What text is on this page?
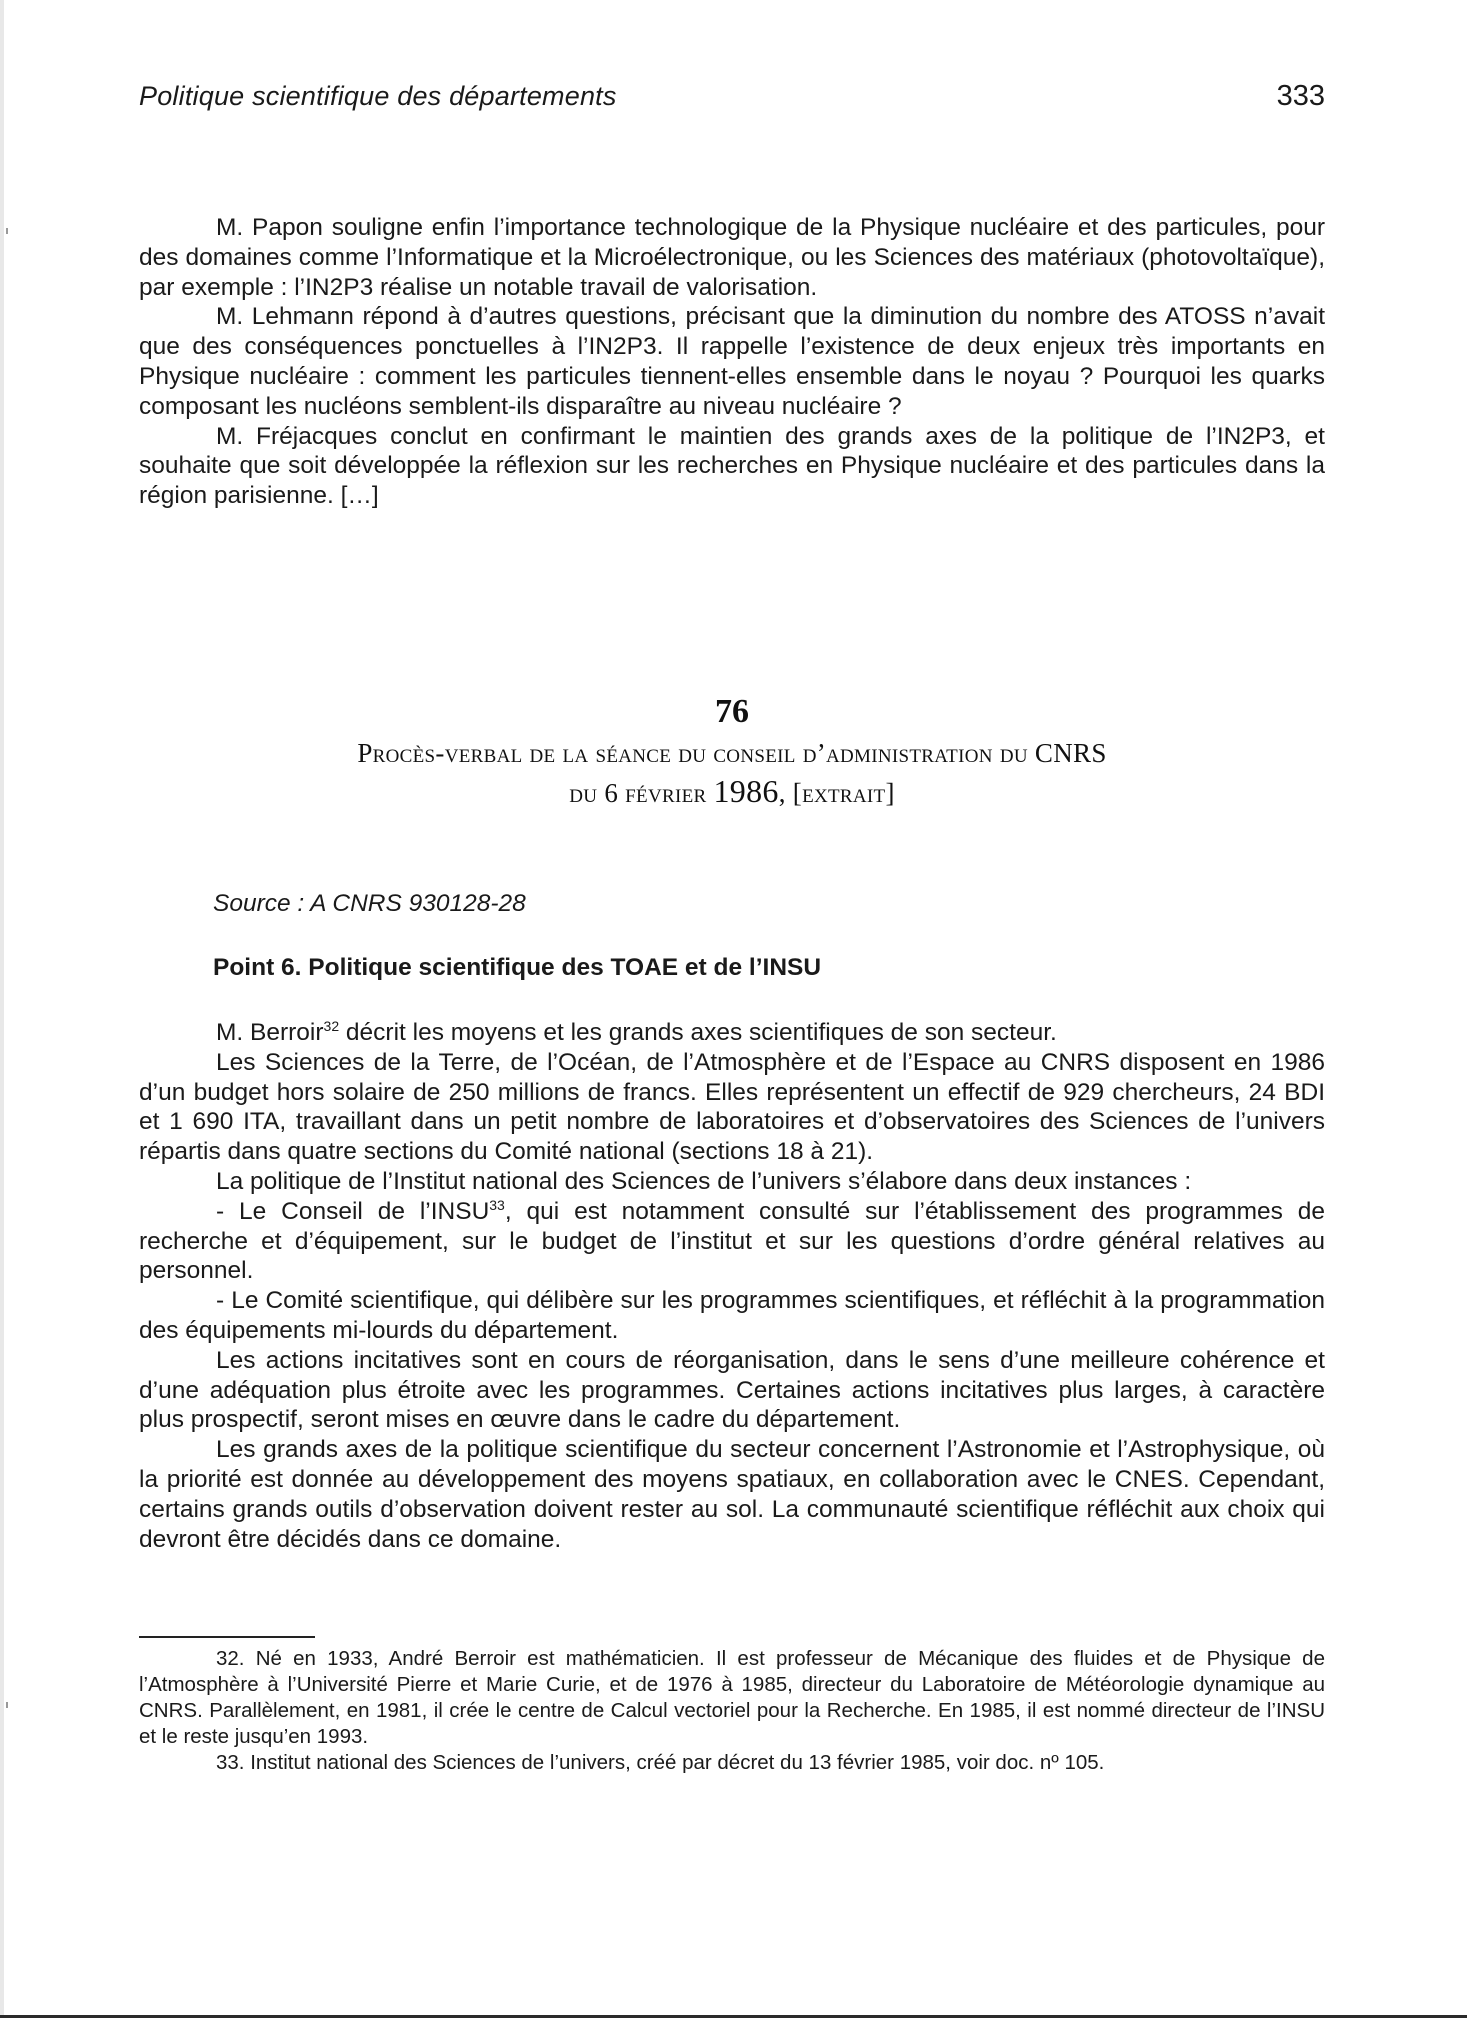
Politique scientifique des départements	333

M. Papon souligne enfin l’importance technologique de la Physique nucléaire et des particules, pour des domaines comme l’Informatique et la Microélectronique, ou les Sciences des matériaux (photovoltaïque), par exemple : l’IN2P3 réalise un notable travail de valorisation.

M. Lehmann répond à d’autres questions, précisant que la diminution du nombre des ATOSS n’avait que des conséquences ponctuelles à l’IN2P3. Il rappelle l’existence de deux enjeux très importants en Physique nucléaire : comment les particules tiennent-elles ensemble dans le noyau ? Pourquoi les quarks composant les nucléons semblent-ils disparaître au niveau nucléaire ?

M. Fréjacques conclut en confirmant le maintien des grands axes de la politique de l’IN2P3, et souhaite que soit développée la réflexion sur les recherches en Physique nucléaire et des particules dans la région parisienne. […]

76
Procès-verbal de la séance du conseil d’administration du CNRS
du 6 février 1986, [extrait]
Source : A CNRS 930128-28
Point 6. Politique scientifique des TOAE et de l’INSU

M. Berroir$^{32}$ décrit les moyens et les grands axes scientifiques de son secteur.

Les Sciences de la Terre, de l’Océan, de l’Atmosphère et de l’Espace au CNRS disposent en 1986 d’un budget hors solaire de 250 millions de francs. Elles représentent un effectif de 929 chercheurs, 24 BDI et 1 690 ITA, travaillant dans un petit nombre de laboratoires et d’observatoires des Sciences de l’univers répartis dans quatre sections du Comité national (sections 18 à 21).

La politique de l’Institut national des Sciences de l’univers s’élabore dans deux instances :

- Le Conseil de l’INSU$^{33}$, qui est notamment consulté sur l’établissement des programmes de recherche et d’équipement, sur le budget de l’institut et sur les questions d’ordre général relatives au personnel.

- Le Comité scientifique, qui délibère sur les programmes scientifiques, et réfléchit à la programmation des équipements mi-lourds du département.

Les actions incitatives sont en cours de réorganisation, dans le sens d’une meilleure cohérence et d’une adéquation plus étroite avec les programmes. Certaines actions incitatives plus larges, à caractère plus prospectif, seront mises en œuvre dans le cadre du département.

Les grands axes de la politique scientifique du secteur concernent l’Astronomie et l’Astrophysique, où la priorité est donnée au développement des moyens spatiaux, en collaboration avec le CNES. Cependant, certains grands outils d’observation doivent rester au sol. La communauté scientifique réfléchit aux choix qui devront être décidés dans ce domaine.

32. Né en 1933, André Berroir est mathématicien. Il est professeur de Mécanique des fluides et de Physique de l’Atmosphère à l’Université Pierre et Marie Curie, et de 1976 à 1985, directeur du Laboratoire de Météorologie dynamique au CNRS. Parallèlement, en 1981, il crée le centre de Calcul vectoriel pour la Recherche. En 1985, il est nommé directeur de l’INSU et le reste jusqu’en 1993.

33. Institut national des Sciences de l’univers, créé par décret du 13 février 1985, voir doc. nº 105.
